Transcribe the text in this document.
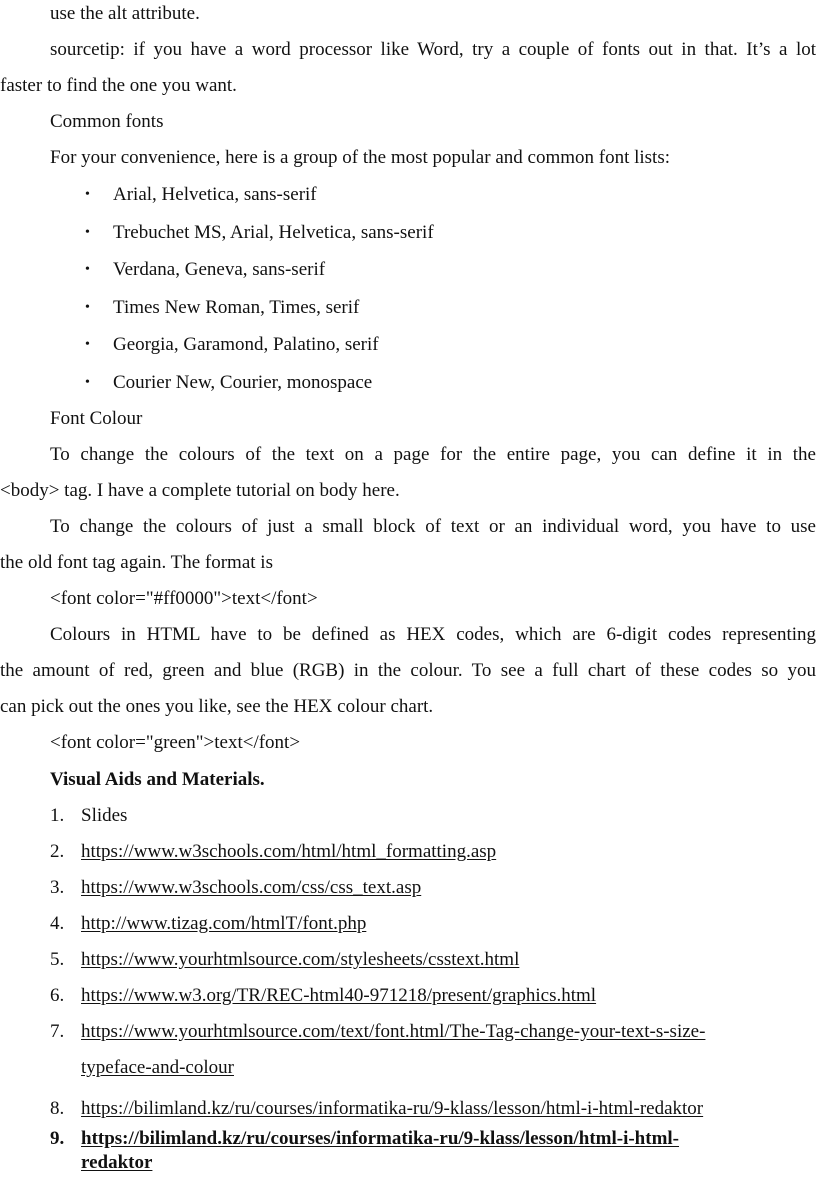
use the alt attribute.
sourcetip: if you have a word processor like Word, try a couple of fonts out in that. It’s a lot
faster to find the one you want.
Common fonts
For your convenience, here is a group of the most popular and common font lists:
• Arial, Helvetica, sans-serif
• Trebuchet MS, Arial, Helvetica, sans-serif
• Verdana, Geneva, sans-serif
• Times New Roman, Times, serif
• Georgia, Garamond, Palatino, serif
• Courier New, Courier, monospace
Font Colour
To change the colours of the text on a page for the entire page, you can define it in the
<body> tag. I have a complete tutorial on body here.
To change the colours of just a small block of text or an individual word, you have to use
the old font tag again. The format is
<font color="#ff0000">text</font>
Colours in HTML have to be defined as HEX codes, which are 6-digit codes representing
the amount of red, green and blue (RGB) in the colour. To see a full chart of these codes so you
can pick out the ones you like, see the HEX colour chart.
<font color="green">text</font>
Visual Aids and Materials.
1. Slides
2. https://www.w3schools.com/html/html_formatting.asp
3. https://www.w3schools.com/css/css_text.asp
4. http://www.tizag.com/htmlT/font.php
5. https://www.yourhtmlsource.com/stylesheets/csstext.html
6. https://www.w3.org/TR/REC-html40-971218/present/graphics.html
7. https://www.yourhtmlsource.com/text/font.html/The-Tag-change-your-text-s-size-
typeface-and-colour
8. https://bilimland.kz/ru/courses/informatika-ru/9-klass/lesson/html-i-html-redaktor
9. https://bilimland.kz/ru/courses/informatika-ru/9-klass/lesson/html-i-html-
redaktor
